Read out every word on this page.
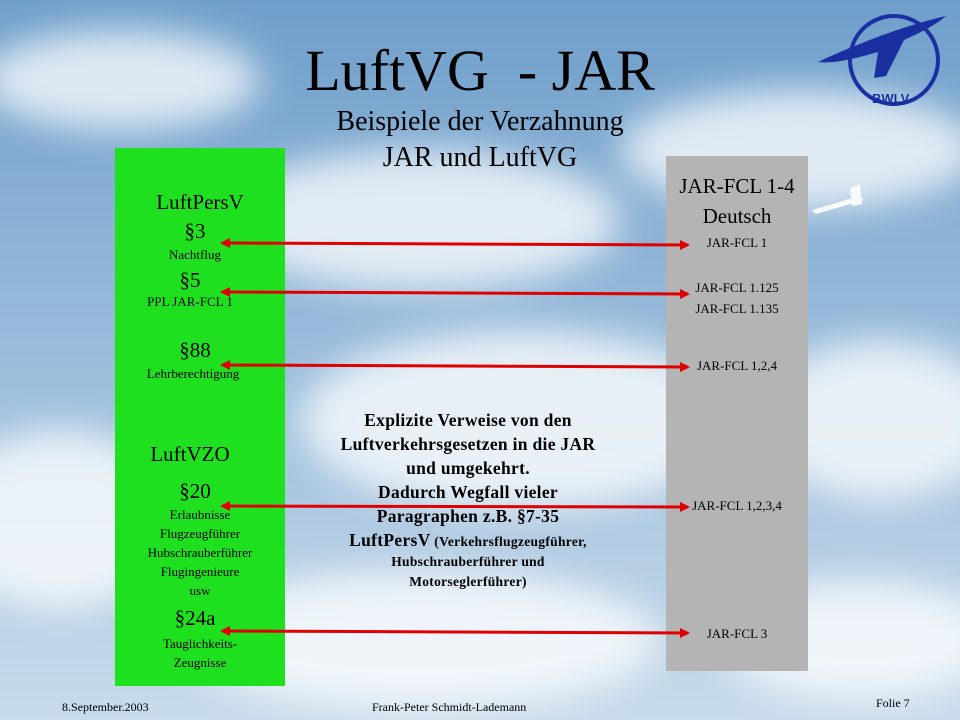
BWLV
LuftVG  - JAR
Beispiele der Verzahnung
JAR und LuftVG
LuftPersV
§3
Nachtflug
§5
PPL JAR-FCL 1
§88
Lehrberechtigung
LuftVZO
§20
Erlaubnisse
Flugzeugführer
Hubschrauberführer
Flugingenieure
usw
§24a
Tauglichkeits-
Zeugnisse
JAR-FCL 1-4
Deutsch
JAR-FCL 1
JAR-FCL 1.125
JAR-FCL 1.135
JAR-FCL 1,2,4
JAR-FCL 1,2,3,4
JAR-FCL 3
Explizite Verweise von den
Luftverkehrsgesetzen in die JAR
und umgekehrt.
Dadurch Wegfall vieler
Paragraphen z.B. §7-35
LuftPersV (Verkehrsflugzeugführer,
Hubschrauberführer und
Motorseglerführer)
8.September.2003	Frank-Peter Schmidt-Lademann	Folie 7
